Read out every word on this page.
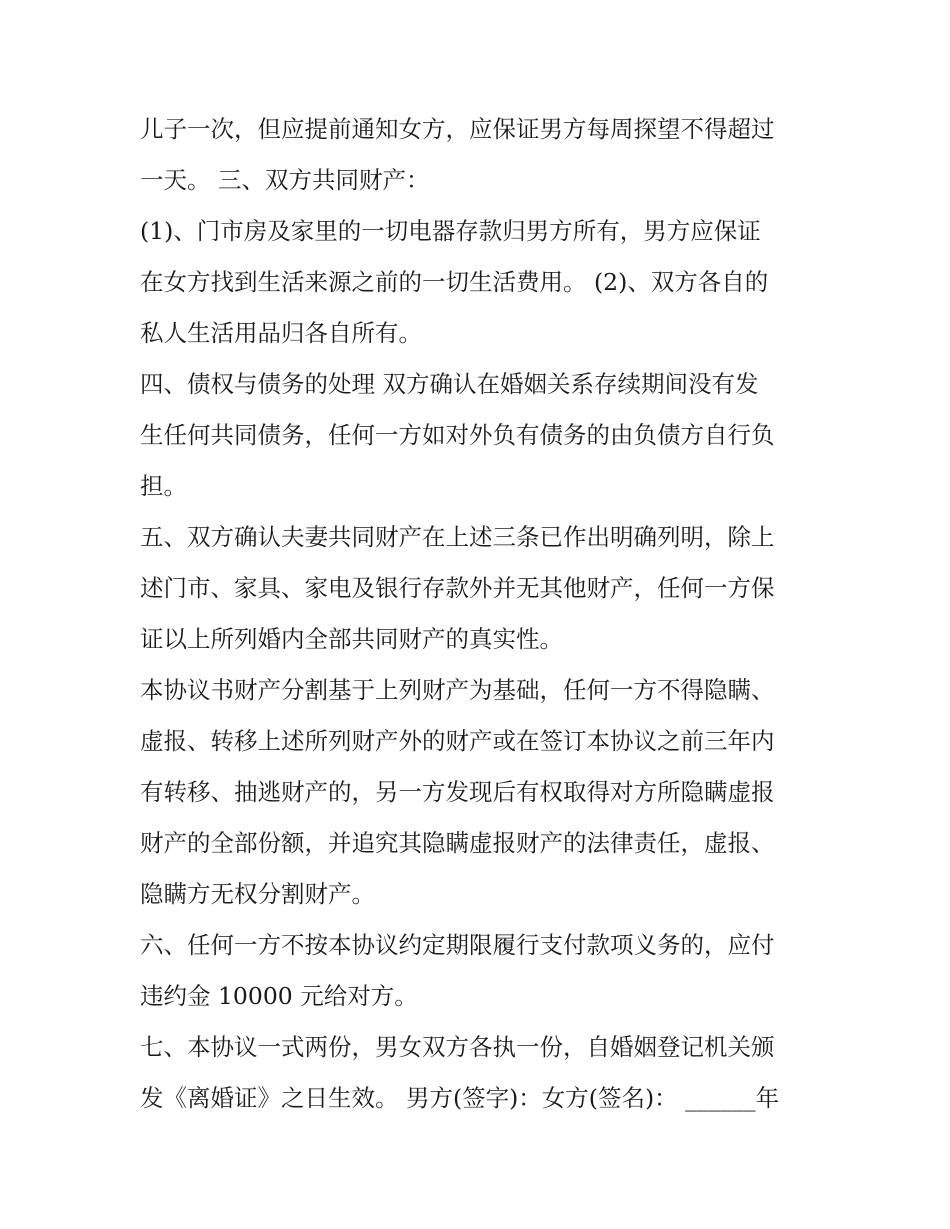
儿子一次，但应提前通知女方，应保证男方每周探望不得超过

一天。 三、双方共同财产：

(1)、门市房及家里的一切电器存款归男方所有，男方应保证

在女方找到生活来源之前的一切生活费用。 (2)、双方各自的

私人生活用品归各自所有。

四、债权与债务的处理 双方确认在婚姻关系存续期间没有发

生任何共同债务，任何一方如对外负有债务的由负债方自行负

担。

五、双方确认夫妻共同财产在上述三条已作出明确列明，除上

述门市、家具、家电及银行存款外并无其他财产，任何一方保

证以上所列婚内全部共同财产的真实性。

本协议书财产分割基于上列财产为基础，任何一方不得隐瞒、

虚报、转移上述所列财产外的财产或在签订本协议之前三年内

有转移、抽逃财产的，另一方发现后有权取得对方所隐瞒虚报

财产的全部份额，并追究其隐瞒虚报财产的法律责任，虚报、

隐瞒方无权分割财产。

六、任何一方不按本协议约定期限履行支付款项义务的，应付

违约金 10000 元给对方。

七、本协议一式两份，男女双方各执一份，自婚姻登记机关颁

发《离婚证》之日生效。 男方(签字)：女方(签名)： ______年
